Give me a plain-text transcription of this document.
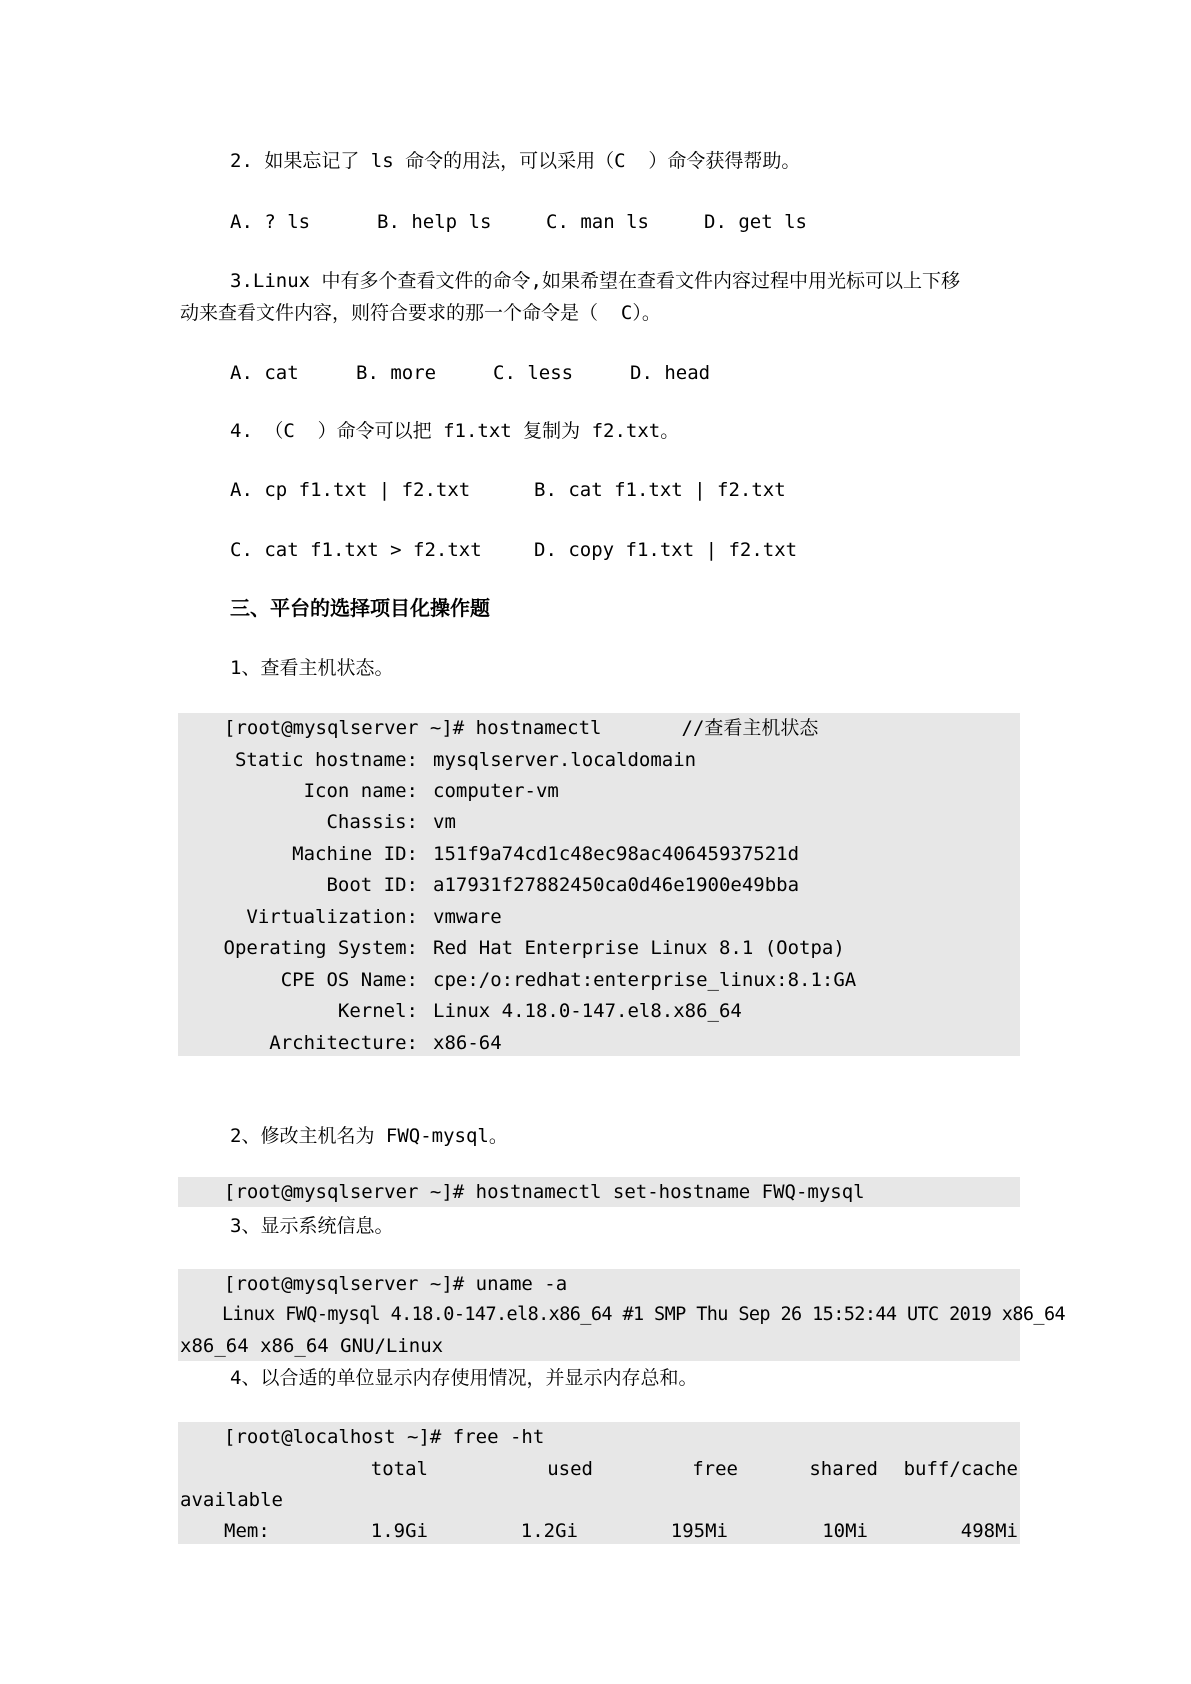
2. 如果忘记了 ls 命令的用法，可以采用（C  ）命令获得帮助。
A. ? ls	B. help ls	C. man ls	D. get ls
3.Linux 中有多个查看文件的命令,如果希望在查看文件内容过程中用光标可以上下移
动来查看文件内容，则符合要求的那一个命令是（  C）。
A. cat	B. more	C. less	D. head
4. （C  ）命令可以把 f1.txt 复制为 f2.txt。
A. cp f1.txt | f2.txt	B. cat f1.txt | f2.txt
C. cat f1.txt > f2.txt	D. copy f1.txt | f2.txt
三、平台的选择项目化操作题
1、查看主机状态。
[root@mysqlserver ~]# hostnamectl       //查看主机状态
Static hostname: mysqlserver.localdomain
Icon name: computer-vm
Chassis: vm
Machine ID: 151f9a74cd1c48ec98ac40645937521d
Boot ID: a17931f27882450ca0d46e1900e49bba
Virtualization: vmware
Operating System: Red Hat Enterprise Linux 8.1 (Ootpa)
CPE OS Name: cpe:/o:redhat:enterprise_linux:8.1:GA
Kernel: Linux 4.18.0-147.el8.x86_64
Architecture: x86-64
2、修改主机名为 FWQ-mysql。
[root@mysqlserver ~]# hostnamectl set-hostname FWQ-mysql
3、显示系统信息。
[root@mysqlserver ~]# uname -a
Linux FWQ-mysql 4.18.0-147.el8.x86_64 #1 SMP Thu Sep 26 15:52:44 UTC 2019 x86_64
x86_64 x86_64 GNU/Linux
4、以合适的单位显示内存使用情况，并显示内存总和。
[root@localhost ~]# free -ht
total	used	free	shared	buff/cache
available
Mem:	1.9Gi	1.2Gi	195Mi	10Mi	498Mi
